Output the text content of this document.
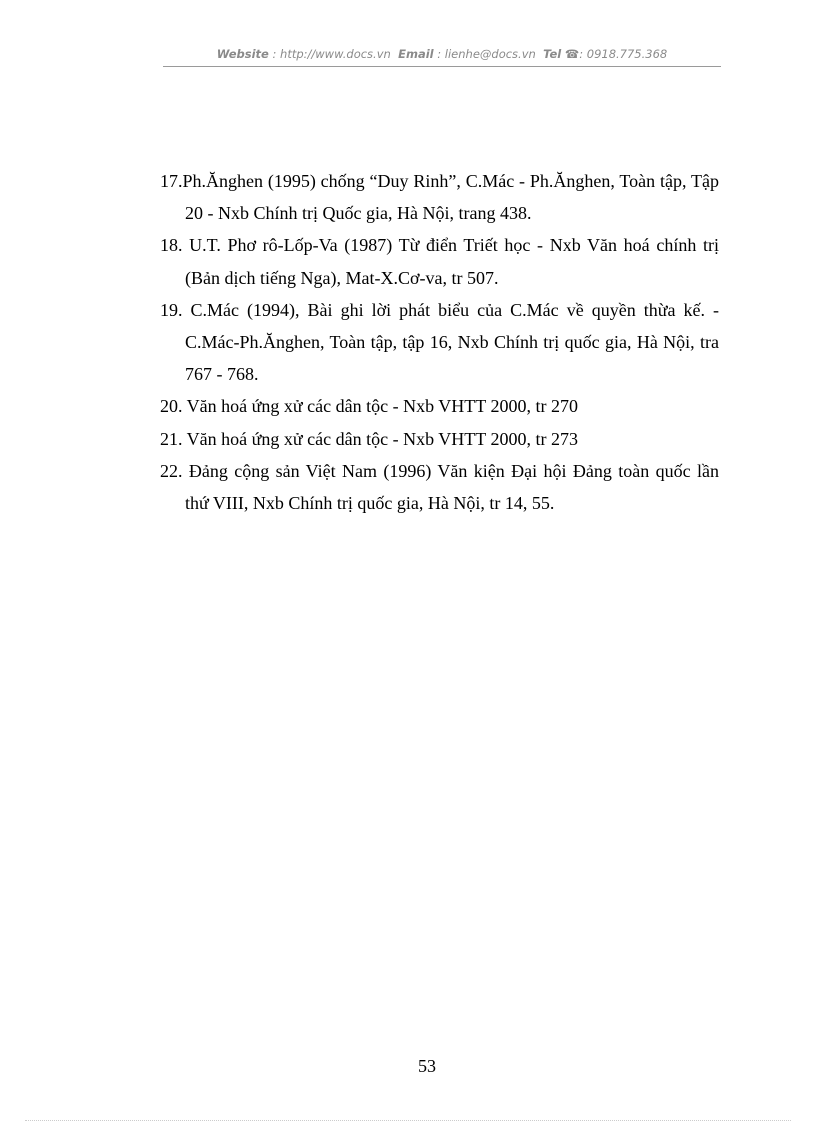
Website : http://www.docs.vn Email : lienhe@docs.vn Tel ☎: 0918.775.368

17.Ph.Ănghen (1995) chống “Duy Rinh”, C.Mác - Ph.Ănghen, Toàn tập, Tập 20 - Nxb Chính trị Quốc gia, Hà Nội, trang 438.

18. U.T. Phơ rô-Lốp-Va (1987) Từ điển Triết học - Nxb Văn hoá chính trị (Bản dịch tiếng Nga), Mat-X.Cơ-va, tr 507.

19. C.Mác (1994), Bài ghi lời phát biểu của C.Mác về quyền thừa kế. - C.Mác-Ph.Ănghen, Toàn tập, tập 16, Nxb Chính trị quốc gia, Hà Nội, tra 767 - 768.

20. Văn hoá ứng xử các dân tộc - Nxb VHTT 2000, tr 270

21. Văn hoá ứng xử các dân tộc - Nxb VHTT 2000, tr 273

22. Đảng cộng sản Việt Nam (1996) Văn kiện Đại hội Đảng toàn quốc lần thứ VIII, Nxb Chính trị quốc gia, Hà Nội, tr 14, 55.

53
